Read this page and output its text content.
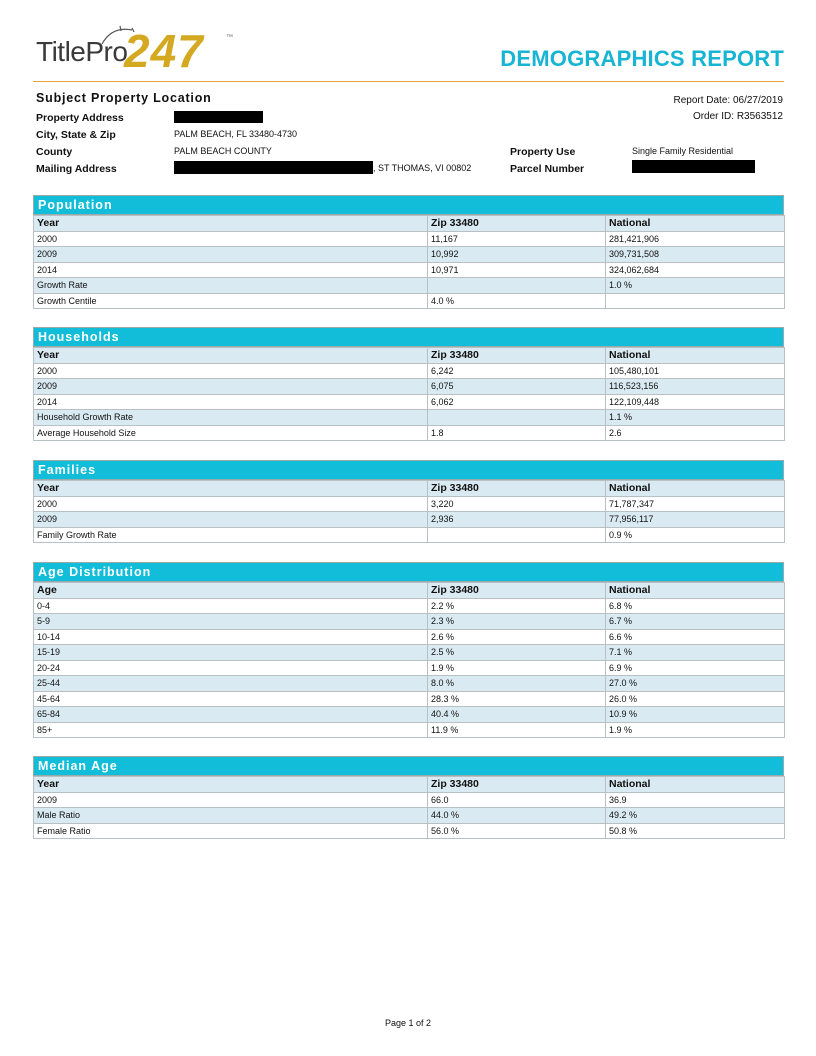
TitlePro
247	™
DEMOGRAPHICS REPORT
Subject Property Location	Report Date: 06/27/2019
Order ID: R3563512
Property Address
City, State & Zip	PALM BEACH, FL 33480-4730
County	PALM BEACH COUNTY
Mailing Address	, ST THOMAS, VI 00802
Property Use	Single Family Residential
Parcel Number
Population
Year	Zip 33480	National
2000	11,167	281,421,906
2009	10,992	309,731,508
2014	10,971	324,062,684
Growth Rate		1.0 %
Growth Centile	4.0 %	
Households
Year	Zip 33480	National
2000	6,242	105,480,101
2009	6,075	116,523,156
2014	6,062	122,109,448
Household Growth Rate		1.1 %
Average Household Size	1.8	2.6
Families
Year	Zip 33480	National
2000	3,220	71,787,347
2009	2,936	77,956,117
Family Growth Rate		0.9 %
Age Distribution
Age	Zip 33480	National
0-4	2.2 %	6.8 %
5-9	2.3 %	6.7 %
10-14	2.6 %	6.6 %
15-19	2.5 %	7.1 %
20-24	1.9 %	6.9 %
25-44	8.0 %	27.0 %
45-64	28.3 %	26.0 %
65-84	40.4 %	10.9 %
85+	11.9 %	1.9 %
Median Age
Year	Zip 33480	National
2009	66.0	36.9
Male Ratio	44.0 %	49.2 %
Female Ratio	56.0 %	50.8 %
Page 1 of 2
